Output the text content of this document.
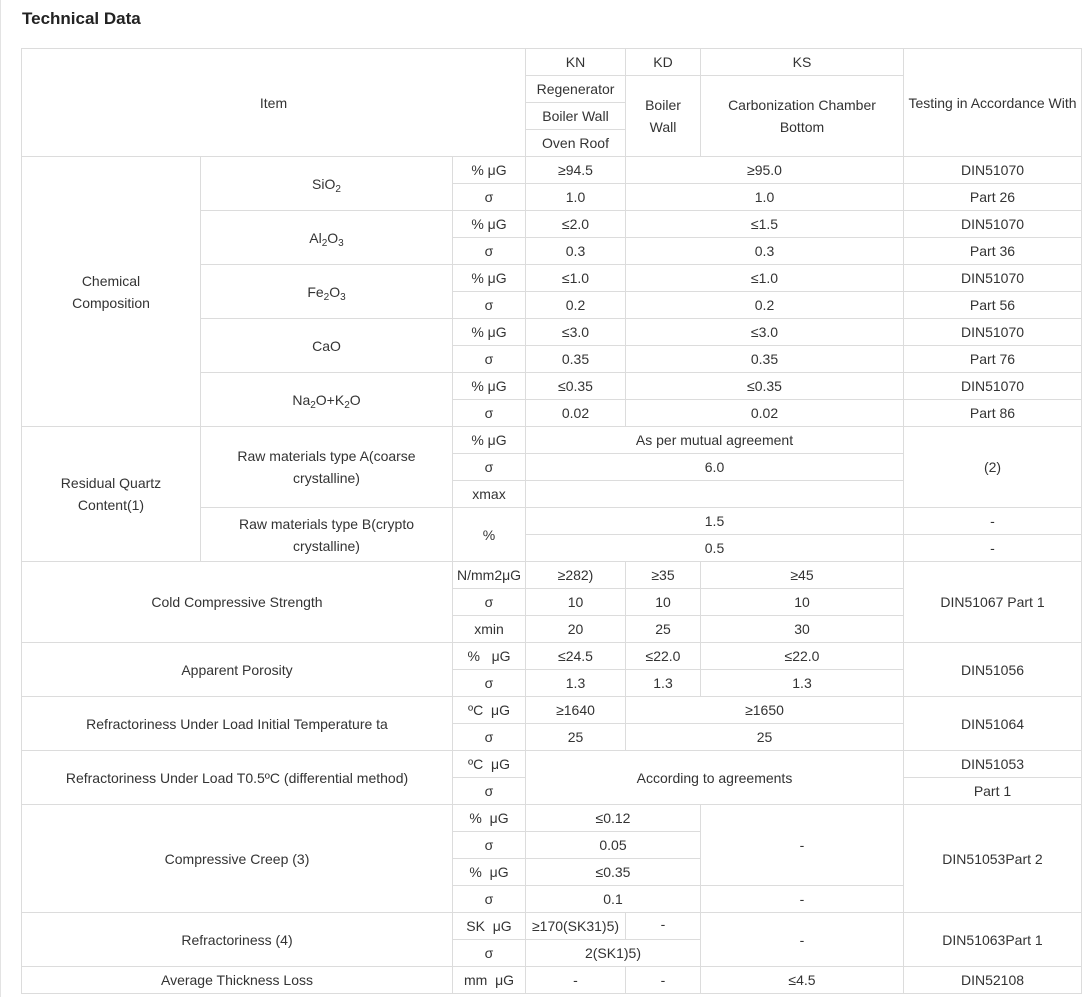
Technical Data
Item			KN	KD	KS	Testing in Accordance With
			Regenerator	Boiler Wall	Carbonization Chamber Bottom	
			Boiler Wall			
			Oven Roof			
Chemical Composition	SiO$_2$	% μG	≥94.5	≥95.0		DIN51070
		σ	1.0	1.0		Part 26
	$Al_2O_3$	% μG	≤2.0	≤1.5		DIN51070
		σ	0.3	0.3		Part 36
	$Fe_2O_3$	% μG	≤1.0	≤1.0		DIN51070
		σ	0.2	0.2		Part 56
	CaO	% μG	≤3.0	≤3.0		DIN51070
		σ	0.35	0.35		Part 76
	$Na_2O+K_2O$	% μG	≤0.35	≤0.35		DIN51070
		σ	0.02	0.02		Part 86
Residual Quartz Content(1)	Raw materials type A(coarse crystalline)	% μG	As per mutual agreement			(2)
		σ	6.0			
		xmax				
	Raw materials type B(crypto crystalline)	%	1.5			-
			0.5			-
Cold Compressive Strength		N/mm2μG	≥282)	≥35	≥45	DIN51067 Part 1
		σ	10	10	10	
		xmin	20	25	30	
Apparent Porosity		%   μG	≤24.5	≤22.0	≤22.0	DIN51056
		σ	1.3	1.3	1.3	
Refractoriness Under Load Initial Temperature ta		ºC  μG	≥1640	≥1650		DIN51064
		σ	25	25		
Refractoriness Under Load T0.5ºC (differential method)		ºC  μG	According to agreements			DIN51053
		σ				Part 1
Compressive Creep (3)		%  μG	≤0.12		-	DIN51053Part 2
		σ	0.05			
		%  μG	≤0.35			
		σ	0.1		-	
Refractoriness (4)		SK  μG	≥170(SK31)5)	-	-	DIN51063Part 1
		σ	2(SK1)5)			
Average Thickness Loss		mm  μG	-	-	≤4.5	DIN52108
